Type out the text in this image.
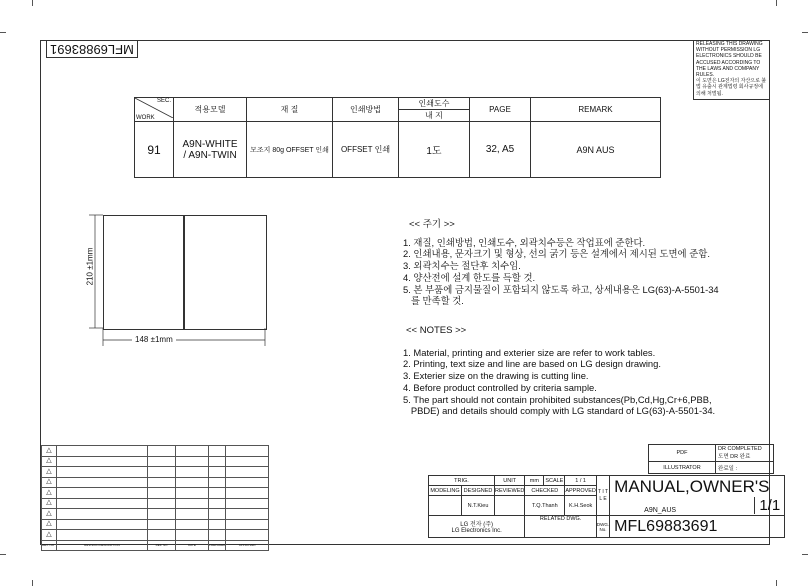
MFL69883691	RELEASING THIS DRAWING WITHOUT PERMISSION LG ELECTRONICS SHOULD BE ACCUSED ACCORDING TO THE LAWS AND COMPANY RULES.
이 도면은 LG전자의 자산으로 불법 유출시 관계법령 회사규정에 의해 처벌됨.
SEC.
WORK	적용모델	재 질	인쇄방법	인쇄도수	PAGE	REMARK
				내 지		
91	A9N-WHITE / A9N-TWIN	모조지 80g OFFSET 인쇄	OFFSET 인쇄	1도	32, A5	A9N AUS
210 ±1mm
148 ±1mm
<< 주기 >>
1. 재질, 인쇄방법, 인쇄도수, 외곽치수등은 작업표에 준한다.
2. 인쇄내용, 문자크기 및 형상, 선의 굵기 등은 설계에서 제시된 도면에 준함.
3. 외곽치수는 절단후 치수임.
4. 양산전에 설계 한도를 득할 것.
5. 본 부품에 금지물질이 포함되지 않도록 하고, 상세내용은 LG(63)-A-5501-34
를 만족할 것.
<< NOTES >>
1. Material, printing and exterier size are refer to work tables.
2. Printing, text size and line are based on LG design drawing.
3. Exterier size on the drawing is cutting line.
4. Before product controlled by criteria sample.
5. The part should not contain prohibited substances(Pb,Cd,Hg,Cr+6,PBB,
PBDE) and details should comply with LG standard of LG(63)-A-5501-34.
△					
△					
△					
△					
△					
△					
△					
△					
△					
REV. NO	REVISION DESCRIPTION	REF. NO	DATE	PREPARED	APPROVED
PDF	DR COMPLETED
도면 DR 완료

ILLUSTRATOR	완료일 :
TRIG.		UNIT	mm	SCALE	1 / 1	T I T L E	MANUAL,OWNER'S
A9N_AUS 1/1

MODELING	DESIGNED	REVIEWED	CHECKED		APPROVED		
	N.T.Kieu		T.Q.Thanh		K.H.Seok		

LG 전자 (주)
LG Electronics Inc.			RELATED DWG.			DWG. No.	MFL69883691
